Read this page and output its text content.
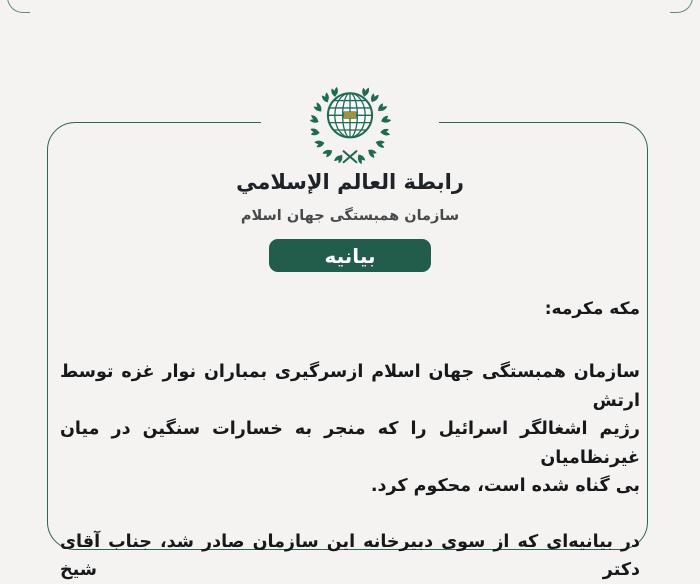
رابطة العالم الإسلامي
سازمان همبستگی جهان اسلام
بیانیه
مکه مکرمه:
سازمان همبستگی جهان اسلام ازسرگیری بمباران نوار غزه توسط ارتش
رژیم اشغالگر اسرائیل را که منجر به خسارات سنگین در میان غیرنظامیان
بی گناه شده است، محکوم کرد.
در بیانیه‌ای که از سوی دبیرخانه این سازمان صادر شد، جناب آقای دکتر شیخ
